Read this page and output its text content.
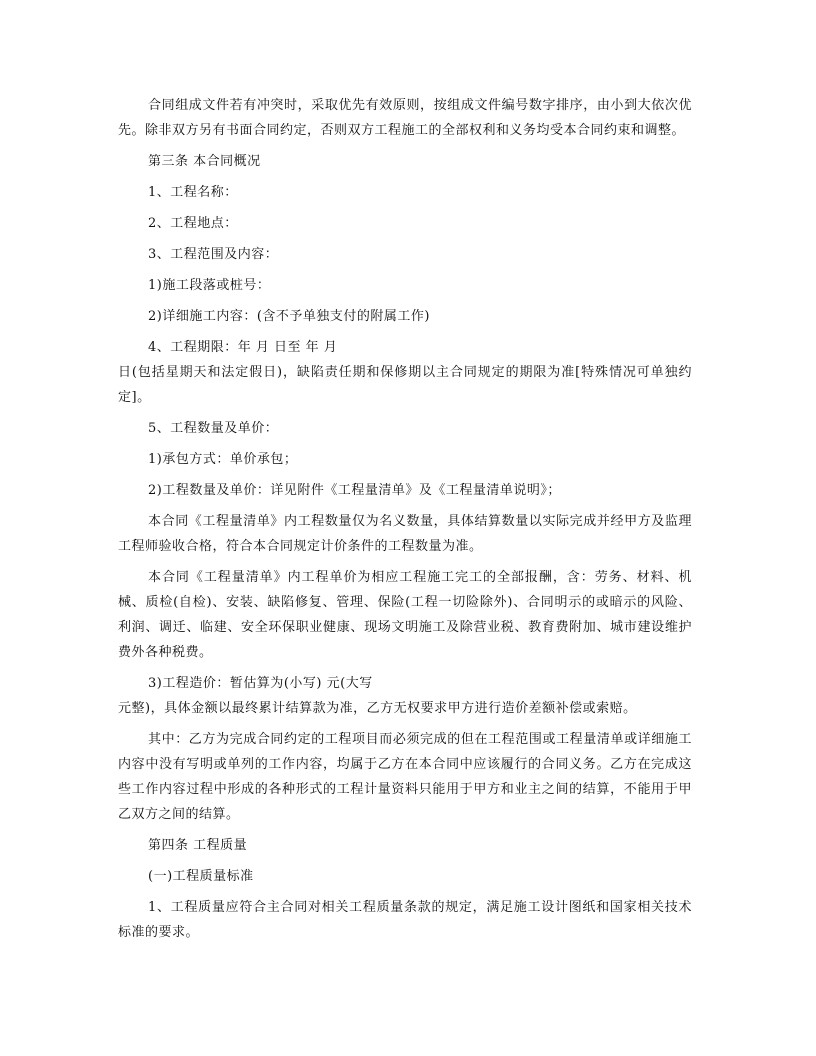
合同组成文件若有冲突时，采取优先有效原则，按组成文件编号数字排序，由小到大依次优先。除非双方另有书面合同约定，否则双方工程施工的全部权利和义务均受本合同约束和调整。

第三条 本合同概况

1、工程名称：

2、工程地点：

3、工程范围及内容：

1)施工段落或桩号：

2)详细施工内容：(含不予单独支付的附属工作)

4、工程期限：年 月 日至 年 月

日(包括星期天和法定假日)，缺陷责任期和保修期以主合同规定的期限为准[特殊情况可单独约定]。

5、工程数量及单价：

1)承包方式：单价承包；

2)工程数量及单价：详见附件《工程量清单》及《工程量清单说明》；

本合同《工程量清单》内工程数量仅为名义数量，具体结算数量以实际完成并经甲方及监理工程师验收合格，符合本合同规定计价条件的工程数量为准。

本合同《工程量清单》内工程单价为相应工程施工完工的全部报酬，含：劳务、材料、机械、质检(自检)、安装、缺陷修复、管理、保险(工程一切险除外)、合同明示的或暗示的风险、利润、调迁、临建、安全环保职业健康、现场文明施工及除营业税、教育费附加、城市建设维护费外各种税费。

3)工程造价：暂估算为(小写) 元(大写

元整)，具体金额以最终累计结算款为准，乙方无权要求甲方进行造价差额补偿或索赔。

其中：乙方为完成合同约定的工程项目而必须完成的但在工程范围或工程量清单或详细施工内容中没有写明或单列的工作内容，均属于乙方在本合同中应该履行的合同义务。乙方在完成这些工作内容过程中形成的各种形式的工程计量资料只能用于甲方和业主之间的结算，不能用于甲乙双方之间的结算。

第四条 工程质量

(一)工程质量标准

1、工程质量应符合主合同对相关工程质量条款的规定，满足施工设计图纸和国家相关技术标准的要求。
